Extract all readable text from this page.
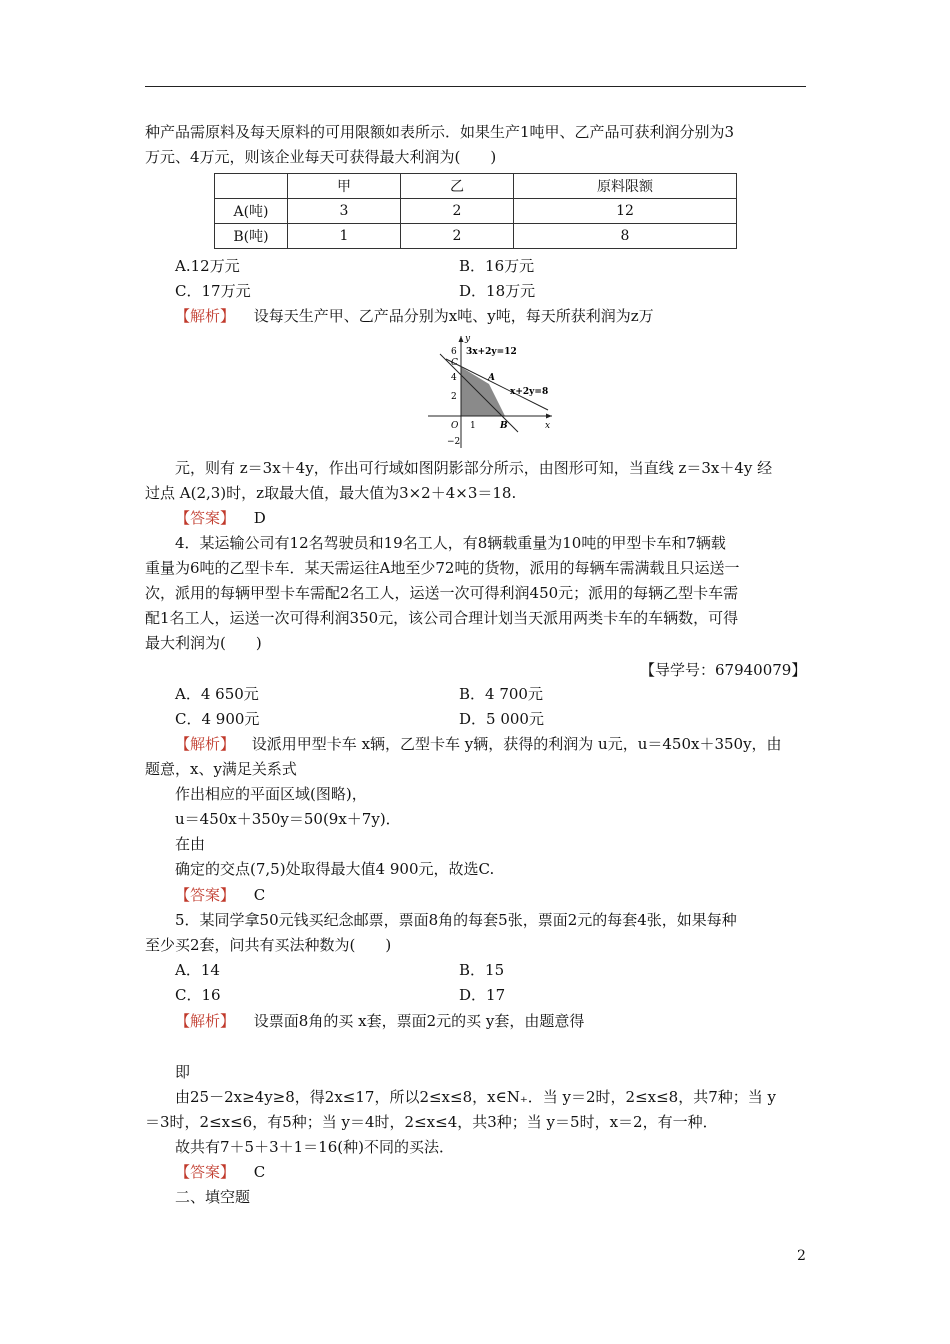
种产品需原料及每天原料的可用限额如表所示．如果生产1吨甲、乙产品可获利润分别为3
万元、4万元，则该企业每天可获得最大利润为(　　)
	甲	乙	原料限额
A(吨)	3	2	12
B(吨)	1	2	8
A.12万元	B．16万元
C．17万元	D．18万元
【解析】 设每天生产甲、乙产品分别为x吨、y吨，每天所获利润为z万
y
6 3x+2y=12
C
4	A
x+2y=8
2
O 1	B	x
−2
元，则有 z＝3x＋4y，作出可行域如图阴影部分所示，由图形可知，当直线 z＝3x＋4y 经
过点 A(2,3)时，z取最大值，最大值为3×2＋4×3＝18.
【答案】 D
4．某运输公司有12名驾驶员和19名工人，有8辆载重量为10吨的甲型卡车和7辆载
重量为6吨的乙型卡车．某天需运往A地至少72吨的货物，派用的每辆车需满载且只运送一
次，派用的每辆甲型卡车需配2名工人，运送一次可得利润450元；派用的每辆乙型卡车需
配1名工人，运送一次可得利润350元，该公司合理计划当天派用两类卡车的车辆数，可得
最大利润为(　　)
【导学号：67940079】
A．4 650元	B．4 700元
C．4 900元	D．5 000元
【解析】 设派用甲型卡车 x辆，乙型卡车 y辆，获得的利润为 u元，u＝450x＋350y，由
题意，x、y满足关系式
作出相应的平面区域(图略)，
u＝450x＋350y＝50(9x＋7y)．
在由
确定的交点(7,5)处取得最大值4 900元，故选C.
【答案】 C
5．某同学拿50元钱买纪念邮票，票面8角的每套5张，票面2元的每套4张，如果每种
至少买2套，问共有买法种数为(　　)
A．14	B．15
C．16	D．17
【解析】 设票面8角的买 x套，票面2元的买 y套，由题意得
即
由25－2x≥4y≥8，得2x≤17，所以2≤x≤8，x∈N₊．当 y＝2时，2≤x≤8，共7种；当 y
＝3时，2≤x≤6，有5种；当 y＝4时，2≤x≤4，共3种；当 y＝5时，x＝2，有一种．
故共有7＋5＋3＋1＝16(种)不同的买法．
【答案】 C
二、填空题
2
